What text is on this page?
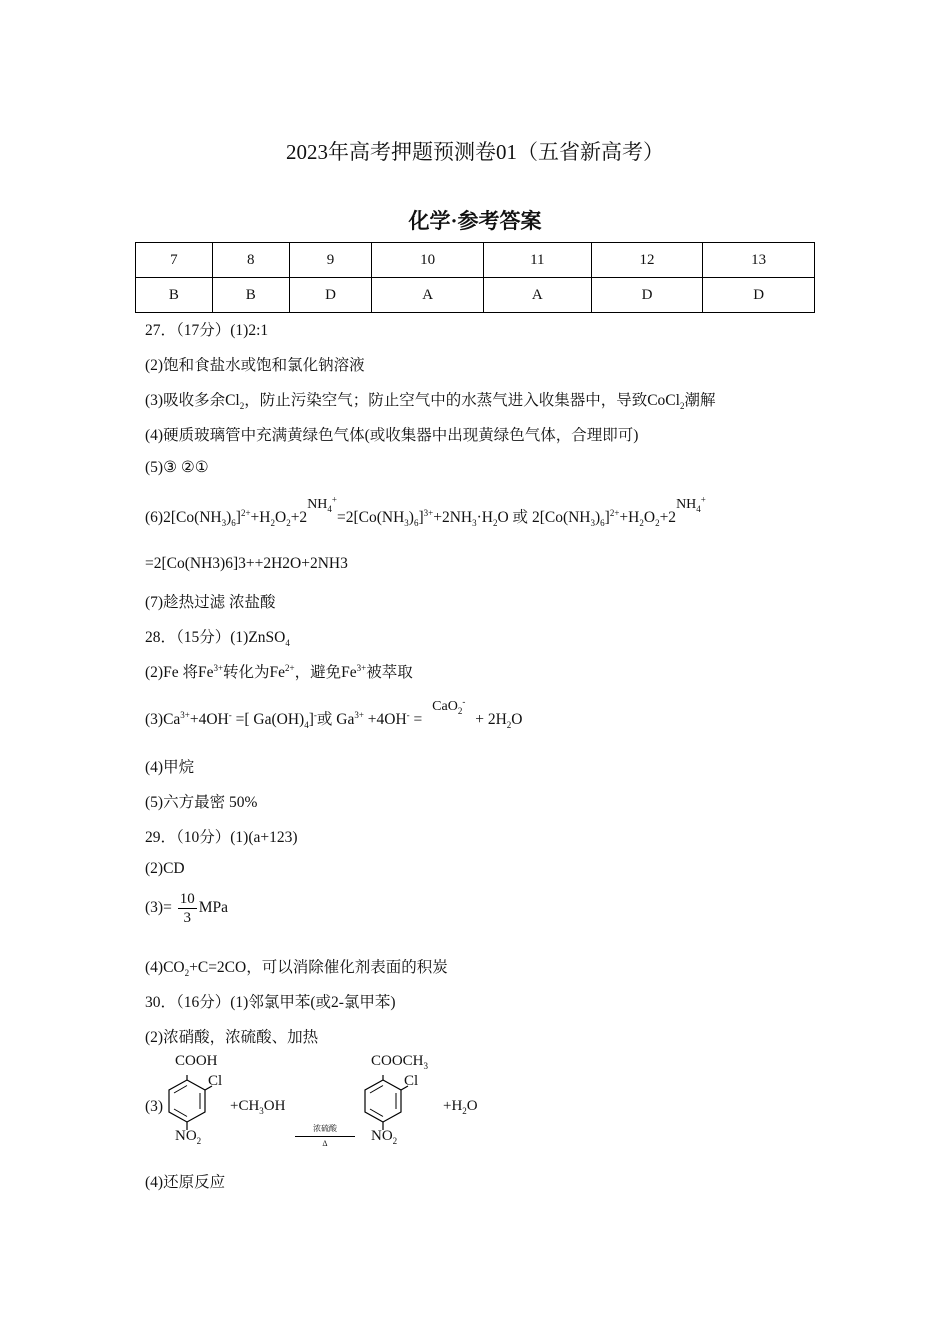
2023年高考押题预测卷01（五省新高考）
化学·参考答案
7	8	9	10	11	12	13
B	B	D	A	A	D	D
27．（17分）(1)2:1
(2)饱和食盐水或饱和氯化钠溶液
(3)吸收多余$Cl_2$，防止污染空气；防止空气中的水蒸气进入收集器中，导致CoCl$_2$潮解
(4)硬质玻璃管中充满黄绿色气体(或收集器中出现黄绿色气体，合理即可)
(5)③ ②①
$(6)2[Co(NH_3)_6]^{2+}+H_2O_2+2NH_4^+=2[Co(NH_3)_6]^{3+}+2NH_3\cdot H_2O$ 或 $2[Co(NH_3)_6]^{2+}+H_2O_2+2NH_4^+$
=2[Co(NH3)6]3++2H2O+2NH3
(7)趁热过滤 浓盐酸
28．（15分）(1)ZnSO$_4$
(2)Fe 将$Fe^{3+}$转化为$Fe^{2+}$，避免$Fe^{3+}$被萃取
$(3)Ca^{3+}+4OH^-$ =[ $Ga(OH)_4]^-$或 $Ga^{3+} +4OH^- = CaO_2^- + 2H_2O$
(4)甲烷
(5)六方最密 50%
29．（10分）(1)(a+123)
(2)CD
$(3)= \frac{10}{3}$ MPa
$(4)CO_2+C=2CO$，可以消除催化剂表面的积炭
30．（16分）(1)邻氯甲苯(或2-氯甲苯)
(2)浓硝酸，浓硫酸、加热
(3)
COOH
Cl
$NO_2$
$+CH_3OH$
浓硫酸
Δ
$COOCH_3$
Cl
$NO_2$
$+H_2O$
(4)还原反应
